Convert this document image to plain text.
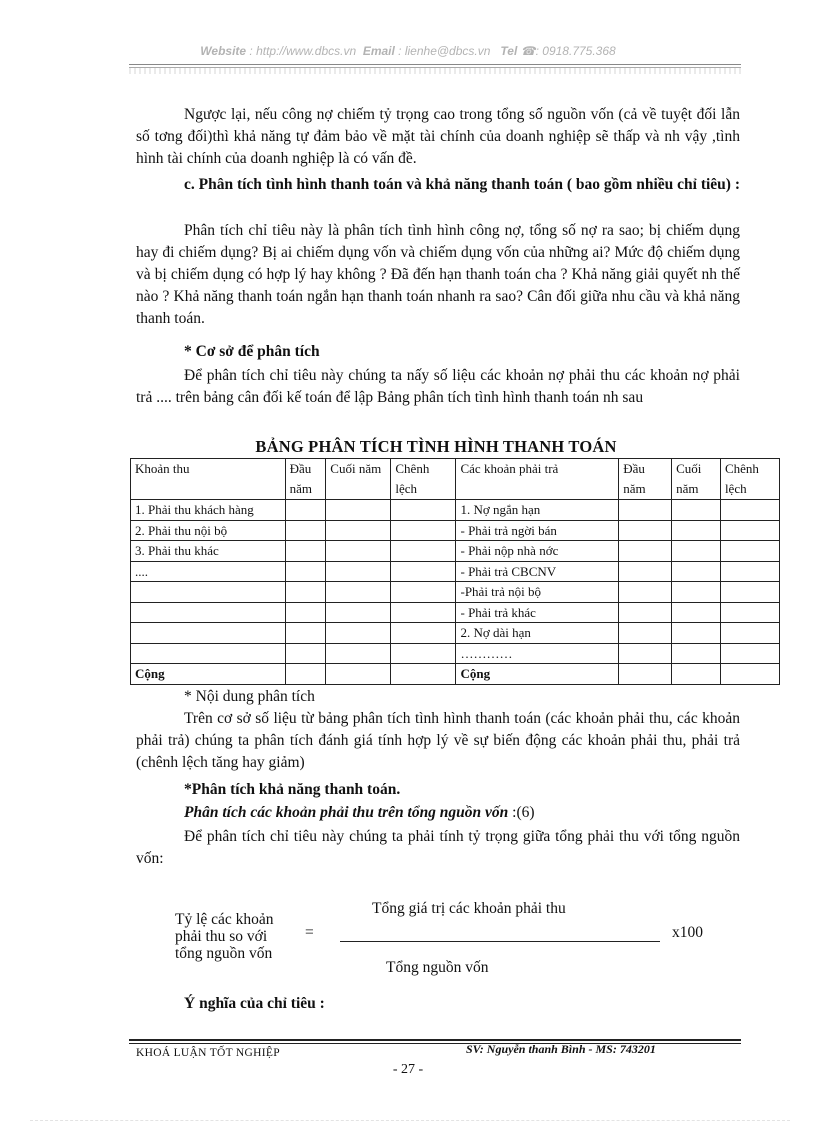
Website : http://www.dbcs.vn Email : lienhe@dbcs.vn Tel ☎: 0918.775.368
Ngược lại, nếu công nợ chiếm tỷ trọng cao trong tổng số nguồn vốn (cả về tuyệt đối lẫn số tơng đối)thì khả năng tự đảm bảo về mặt tài chính của doanh nghiệp sẽ thấp và nh vậy ,tình hình tài chính của doanh nghiệp là có vấn đề.
c. Phân tích tình hình thanh toán và khả năng thanh toán ( bao gồm nhiều chỉ tiêu) :
Phân tích chỉ tiêu này là phân tích tình hình công nợ, tổng số nợ ra sao; bị chiếm dụng hay đi chiếm dụng? Bị ai chiếm dụng vốn và chiếm dụng vốn của những ai? Mức độ chiếm dụng và bị chiếm dụng có hợp lý hay không ? Đã đến hạn thanh toán cha ? Khả năng giải quyết nh thế nào ? Khả năng thanh toán ngắn hạn thanh toán nhanh ra sao? Cân đối giữa nhu cầu và khả năng thanh toán.
* Cơ sở để phân tích
Để phân tích chỉ tiêu này chúng ta nấy số liệu các khoản nợ phải thu các khoản nợ phải trả .... trên bảng cân đối kế toán để lập Bảng phân tích tình hình thanh toán nh sau
BẢNG PHÂN TÍCH TÌNH HÌNH THANH TOÁN
Khoản thu	Đầu năm	Cuối năm	Chênh lệch	Các khoản phải trả	Đầu năm	Cuối năm	Chênh lệch
1. Phải thu khách hàng				1. Nợ ngắn hạn			
2. Phải thu nội bộ				- Phải trả ngời bán			
3. Phải thu khác				- Phải nộp nhà nớc			
....				- Phải trả CBCNV			
				-Phải trả nội bộ			
				- Phải trả khác			
				2. Nợ dài hạn			
				…………			
Cộng				Cộng			
* Nội dung phân tích
Trên cơ sở số liệu từ bảng phân tích tình hình thanh toán (các khoản phải thu, các khoản phải trả) chúng ta phân tích đánh giá tính hợp lý về sự biến động các khoản phải thu, phải trả (chênh lệch tăng hay giảm)
*Phân tích khả năng thanh toán.
Phân tích các khoản phải thu trên tổng nguồn vốn :(6)
Để phân tích chỉ tiêu này chúng ta phải tính tỷ trọng giữa tổng phải thu với tổng nguồn vốn:
Tỷ lệ các khoản
phải thu so với
tổng nguồn vốn
=
Tổng giá trị các khoản phải thu
x100
Tổng nguồn vốn
Ý nghĩa của chỉ tiêu :
KHOÁ LUẬN TỐT NGHIỆP	SV: Nguyễn thanh Bình - MS: 743201
- 27 -
